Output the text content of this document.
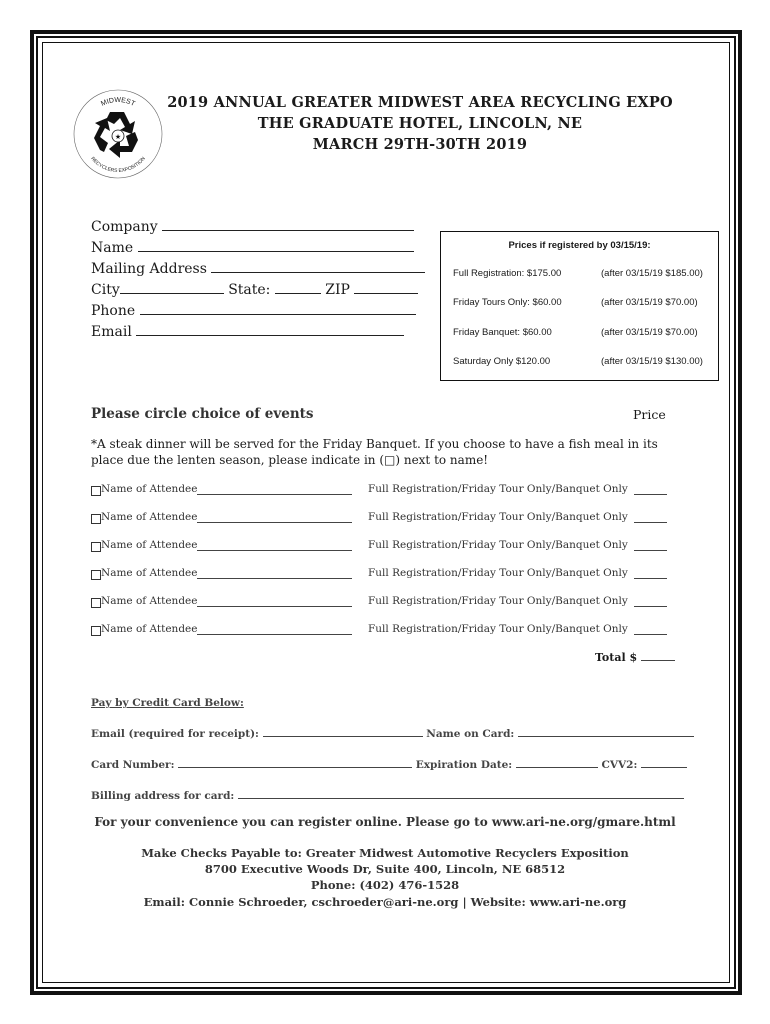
MIDWEST
RECYCLERS EXPOSITION
★
2019 ANNUAL GREATER MIDWEST AREA RECYCLING EXPO
THE GRADUATE HOTEL, LINCOLN, NE
MARCH 29TH-30TH 2019
Company
Name
Mailing Address
City	State:	ZIP
Phone
Email
Prices if registered by 03/15/19:
Full Registration: $175.00	(after 03/15/19 $185.00)
Friday Tours Only: $60.00	(after 03/15/19 $70.00)
Friday Banquet: $60.00	(after 03/15/19 $70.00)
Saturday Only $120.00	(after 03/15/19 $130.00)
Please circle choice of events	Price
*A steak dinner will be served for the Friday Banquet. If you choose to have a fish meal in its place due the lenten season, please indicate in (□) next to name!
Name of Attendee	Full Registration/Friday Tour Only/Banquet Only
Name of Attendee	Full Registration/Friday Tour Only/Banquet Only
Name of Attendee	Full Registration/Friday Tour Only/Banquet Only
Name of Attendee	Full Registration/Friday Tour Only/Banquet Only
Name of Attendee	Full Registration/Friday Tour Only/Banquet Only
Name of Attendee	Full Registration/Friday Tour Only/Banquet Only
Total $
Pay by Credit Card Below:
Email (required for receipt):	Name on Card:
Card Number:	Expiration Date:	CVV2:
Billing address for card:
For your convenience you can register online. Please go to www.ari-ne.org/gmare.html
Make Checks Payable to: Greater Midwest Automotive Recyclers Exposition
8700 Executive Woods Dr, Suite 400, Lincoln, NE 68512
Phone: (402) 476-1528
Email: Connie Schroeder, cschroeder@ari-ne.org | Website: www.ari-ne.org
